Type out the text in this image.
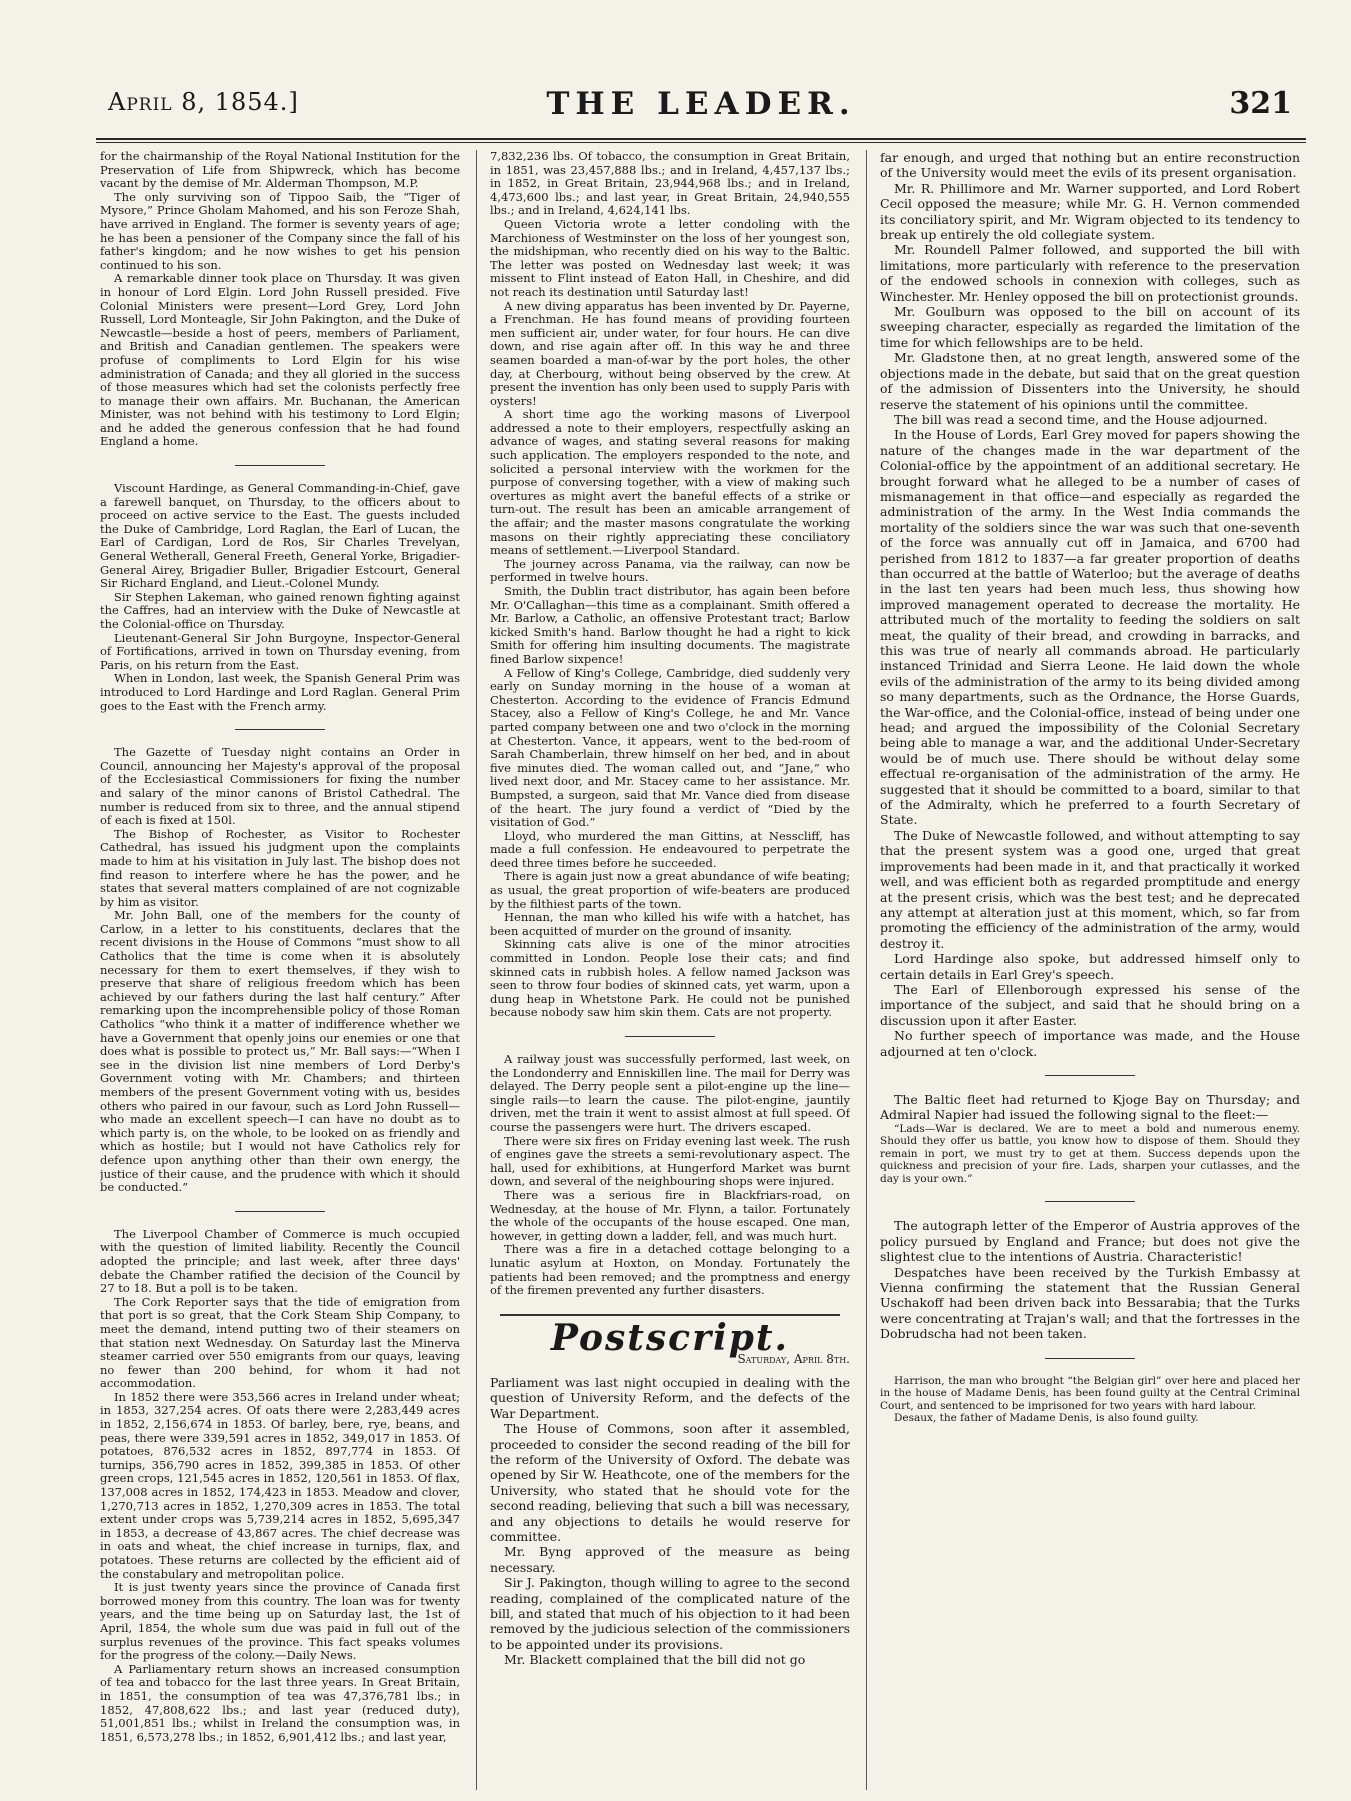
April 8, 1854.]	THE LEADER.	321

for the chairmanship of the Royal National Institution for the Preservation of Life from Shipwreck, which has become vacant by the demise of Mr. Alderman Thompson, M.P.

The only surviving son of Tippoo Saib, the “Tiger of Mysore,” Prince Gholam Mahomed, and his son Feroze Shah, have arrived in England. The former is seventy years of age; he has been a pensioner of the Company since the fall of his father's kingdom; and he now wishes to get his pension continued to his son.

A remarkable dinner took place on Thursday. It was given in honour of Lord Elgin. Lord John Russell presided. Five Colonial Ministers were present—Lord Grey, Lord John Russell, Lord Monteagle, Sir John Pakington, and the Duke of Newcastle—beside a host of peers, members of Parliament, and British and Canadian gentlemen. The speakers were profuse of compliments to Lord Elgin for his wise administration of Canada; and they all gloried in the success of those measures which had set the colonists perfectly free to manage their own affairs. Mr. Buchanan, the American Minister, was not behind with his testimony to Lord Elgin; and he added the generous confession that he had found England a home.

Viscount Hardinge, as General Commanding-in-Chief, gave a farewell banquet, on Thursday, to the officers about to proceed on active service to the East. The guests included the Duke of Cambridge, Lord Raglan, the Earl of Lucan, the Earl of Cardigan, Lord de Ros, Sir Charles Trevelyan, General Wetherall, General Freeth, General Yorke, Brigadier-General Airey, Brigadier Buller, Brigadier Estcourt, General Sir Richard England, and Lieut.-Colonel Mundy.

Sir Stephen Lakeman, who gained renown fighting against the Caffres, had an interview with the Duke of Newcastle at the Colonial-office on Thursday.

Lieutenant-General Sir John Burgoyne, Inspector-General of Fortifications, arrived in town on Thursday evening, from Paris, on his return from the East.

When in London, last week, the Spanish General Prim was introduced to Lord Hardinge and Lord Raglan. General Prim goes to the East with the French army.

The Gazette of Tuesday night contains an Order in Council, announcing her Majesty's approval of the proposal of the Ecclesiastical Commissioners for fixing the number and salary of the minor canons of Bristol Cathedral. The number is reduced from six to three, and the annual stipend of each is fixed at 150l.

The Bishop of Rochester, as Visitor to Rochester Cathedral, has issued his judgment upon the complaints made to him at his visitation in July last. The bishop does not find reason to interfere where he has the power, and he states that several matters complained of are not cognizable by him as visitor.

Mr. John Ball, one of the members for the county of Carlow, in a letter to his constituents, declares that the recent divisions in the House of Commons “must show to all Catholics that the time is come when it is absolutely necessary for them to exert themselves, if they wish to preserve that share of religious freedom which has been achieved by our fathers during the last half century.” After remarking upon the incomprehensible policy of those Roman Catholics “who think it a matter of indifference whether we have a Government that openly joins our enemies or one that does what is possible to protect us,” Mr. Ball says:—“When I see in the division list nine members of Lord Derby's Government voting with Mr. Chambers; and thirteen members of the present Government voting with us, besides others who paired in our favour, such as Lord John Russell—who made an excellent speech—I can have no doubt as to which party is, on the whole, to be looked on as friendly and which as hostile; but I would not have Catholics rely for defence upon anything other than their own energy, the justice of their cause, and the prudence with which it should be conducted.”

The Liverpool Chamber of Commerce is much occupied with the question of limited liability. Recently the Council adopted the principle; and last week, after three days' debate the Chamber ratified the decision of the Council by 27 to 18. But a poll is to be taken.

The Cork Reporter says that the tide of emigration from that port is so great, that the Cork Steam Ship Company, to meet the demand, intend putting two of their steamers on that station next Wednesday. On Saturday last the Minerva steamer carried over 550 emigrants from our quays, leaving no fewer than 200 behind, for whom it had not accommodation.

In 1852 there were 353,566 acres in Ireland under wheat; in 1853, 327,254 acres. Of oats there were 2,283,449 acres in 1852, 2,156,674 in 1853. Of barley, bere, rye, beans, and peas, there were 339,591 acres in 1852, 349,017 in 1853. Of potatoes, 876,532 acres in 1852, 897,774 in 1853. Of turnips, 356,790 acres in 1852, 399,385 in 1853. Of other green crops, 121,545 acres in 1852, 120,561 in 1853. Of flax, 137,008 acres in 1852, 174,423 in 1853. Meadow and clover, 1,270,713 acres in 1852, 1,270,309 acres in 1853. The total extent under crops was 5,739,214 acres in 1852, 5,695,347 in 1853, a decrease of 43,867 acres. The chief decrease was in oats and wheat, the chief increase in turnips, flax, and potatoes. These returns are collected by the efficient aid of the constabulary and metropolitan police.

It is just twenty years since the province of Canada first borrowed money from this country. The loan was for twenty years, and the time being up on Saturday last, the 1st of April, 1854, the whole sum due was paid in full out of the surplus revenues of the province. This fact speaks volumes for the progress of the colony.—Daily News.

A Parliamentary return shows an increased consumption of tea and tobacco for the last three years. In Great Britain, in 1851, the consumption of tea was 47,376,781 lbs.; in 1852, 47,808,622 lbs.; and last year (reduced duty), 51,001,851 lbs.; whilst in Ireland the consumption was, in 1851, 6,573,278 lbs.; in 1852, 6,901,412 lbs.; and last year,

7,832,236 lbs. Of tobacco, the consumption in Great Britain, in 1851, was 23,457,888 lbs.; and in Ireland, 4,457,137 lbs.; in 1852, in Great Britain, 23,944,968 lbs.; and in Ireland, 4,473,600 lbs.; and last year, in Great Britain, 24,940,555 lbs.; and in Ireland, 4,624,141 lbs.

Queen Victoria wrote a letter condoling with the Marchioness of Westminster on the loss of her youngest son, the midshipman, who recently died on his way to the Baltic. The letter was posted on Wednesday last week; it was missent to Flint instead of Eaton Hall, in Cheshire, and did not reach its destination until Saturday last!

A new diving apparatus has been invented by Dr. Payerne, a Frenchman. He has found means of providing fourteen men sufficient air, under water, for four hours. He can dive down, and rise again after off. In this way he and three seamen boarded a man-of-war by the port holes, the other day, at Cherbourg, without being observed by the crew. At present the invention has only been used to supply Paris with oysters!

A short time ago the working masons of Liverpool addressed a note to their employers, respectfully asking an advance of wages, and stating several reasons for making such application. The employers responded to the note, and solicited a personal interview with the workmen for the purpose of conversing together, with a view of making such overtures as might avert the baneful effects of a strike or turn-out. The result has been an amicable arrangement of the affair; and the master masons congratulate the working masons on their rightly appreciating these conciliatory means of settlement.—Liverpool Standard.

The journey across Panama, via the railway, can now be performed in twelve hours.

Smith, the Dublin tract distributor, has again been before Mr. O'Callaghan—this time as a complainant. Smith offered a Mr. Barlow, a Catholic, an offensive Protestant tract; Barlow kicked Smith's hand. Barlow thought he had a right to kick Smith for offering him insulting documents. The magistrate fined Barlow sixpence!

A Fellow of King's College, Cambridge, died suddenly very early on Sunday morning in the house of a woman at Chesterton. According to the evidence of Francis Edmund Stacey, also a Fellow of King's College, he and Mr. Vance parted company between one and two o'clock in the morning at Chesterton. Vance, it appears, went to the bed-room of Sarah Chamberlain, threw himself on her bed, and in about five minutes died. The woman called out, and “Jane,” who lived next door, and Mr. Stacey came to her assistance. Mr. Bumpsted, a surgeon, said that Mr. Vance died from disease of the heart. The jury found a verdict of “Died by the visitation of God.”

Lloyd, who murdered the man Gittins, at Nesscliff, has made a full confession. He endeavoured to perpetrate the deed three times before he succeeded.

There is again just now a great abundance of wife beating; as usual, the great proportion of wife-beaters are produced by the filthiest parts of the town.

Hennan, the man who killed his wife with a hatchet, has been acquitted of murder on the ground of insanity.

Skinning cats alive is one of the minor atrocities committed in London. People lose their cats; and find skinned cats in rubbish holes. A fellow named Jackson was seen to throw four bodies of skinned cats, yet warm, upon a dung heap in Whetstone Park. He could not be punished because nobody saw him skin them. Cats are not property.

A railway joust was successfully performed, last week, on the Londonderry and Enniskillen line. The mail for Derry was delayed. The Derry people sent a pilot-engine up the line—single rails—to learn the cause. The pilot-engine, jauntily driven, met the train it went to assist almost at full speed. Of course the passengers were hurt. The drivers escaped.

There were six fires on Friday evening last week. The rush of engines gave the streets a semi-revolutionary aspect. The hall, used for exhibitions, at Hungerford Market was burnt down, and several of the neighbouring shops were injured.

There was a serious fire in Blackfriars-road, on Wednesday, at the house of Mr. Flynn, a tailor. Fortunately the whole of the occupants of the house escaped. One man, however, in getting down a ladder, fell, and was much hurt.

There was a fire in a detached cottage belonging to a lunatic asylum at Hoxton, on Monday. Fortunately the patients had been removed; and the promptness and energy of the firemen prevented any further disasters.

Postscript.
Saturday, April 8th.

Parliament was last night occupied in dealing with the question of University Reform, and the defects of the War Department.

The House of Commons, soon after it assembled, proceeded to consider the second reading of the bill for the reform of the University of Oxford. The debate was opened by Sir W. Heathcote, one of the members for the University, who stated that he should vote for the second reading, believing that such a bill was necessary, and any objections to details he would reserve for committee.

Mr. Byng approved of the measure as being necessary.

Sir J. Pakington, though willing to agree to the second reading, complained of the complicated nature of the bill, and stated that much of his objection to it had been removed by the judicious selection of the commissioners to be appointed under its provisions.

Mr. Blackett complained that the bill did not go

far enough, and urged that nothing but an entire reconstruction of the University would meet the evils of its present organisation.

Mr. R. Phillimore and Mr. Warner supported, and Lord Robert Cecil opposed the measure; while Mr. G. H. Vernon commended its conciliatory spirit, and Mr. Wigram objected to its tendency to break up entirely the old collegiate system.

Mr. Roundell Palmer followed, and supported the bill with limitations, more particularly with reference to the preservation of the endowed schools in connexion with colleges, such as Winchester. Mr. Henley opposed the bill on protectionist grounds.

Mr. Goulburn was opposed to the bill on account of its sweeping character, especially as regarded the limitation of the time for which fellowships are to be held.

Mr. Gladstone then, at no great length, answered some of the objections made in the debate, but said that on the great question of the admission of Dissenters into the University, he should reserve the statement of his opinions until the committee.

The bill was read a second time, and the House adjourned.

In the House of Lords, Earl Grey moved for papers showing the nature of the changes made in the war department of the Colonial-office by the appointment of an additional secretary. He brought forward what he alleged to be a number of cases of mismanagement in that office—and especially as regarded the administration of the army. In the West India commands the mortality of the soldiers since the war was such that one-seventh of the force was annually cut off in Jamaica, and 6700 had perished from 1812 to 1837—a far greater proportion of deaths than occurred at the battle of Waterloo; but the average of deaths in the last ten years had been much less, thus showing how improved management operated to decrease the mortality. He attributed much of the mortality to feeding the soldiers on salt meat, the quality of their bread, and crowding in barracks, and this was true of nearly all commands abroad. He particularly instanced Trinidad and Sierra Leone. He laid down the whole evils of the administration of the army to its being divided among so many departments, such as the Ordnance, the Horse Guards, the War-office, and the Colonial-office, instead of being under one head; and argued the impossibility of the Colonial Secretary being able to manage a war, and the additional Under-Secretary would be of much use. There should be without delay some effectual re-organisation of the administration of the army. He suggested that it should be committed to a board, similar to that of the Admiralty, which he preferred to a fourth Secretary of State.

The Duke of Newcastle followed, and without attempting to say that the present system was a good one, urged that great improvements had been made in it, and that practically it worked well, and was efficient both as regarded promptitude and energy at the present crisis, which was the best test; and he deprecated any attempt at alteration just at this moment, which, so far from promoting the efficiency of the administration of the army, would destroy it.

Lord Hardinge also spoke, but addressed himself only to certain details in Earl Grey's speech.

The Earl of Ellenborough expressed his sense of the importance of the subject, and said that he should bring on a discussion upon it after Easter.

No further speech of importance was made, and the House adjourned at ten o'clock.

The Baltic fleet had returned to Kjoge Bay on Thursday; and Admiral Napier had issued the following signal to the fleet:—

“Lads—War is declared. We are to meet a bold and numerous enemy. Should they offer us battle, you know how to dispose of them. Should they remain in port, we must try to get at them. Success depends upon the quickness and precision of your fire. Lads, sharpen your cutlasses, and the day is your own.”

The autograph letter of the Emperor of Austria approves of the policy pursued by England and France; but does not give the slightest clue to the intentions of Austria. Characteristic!

Despatches have been received by the Turkish Embassy at Vienna confirming the statement that the Russian General Uschakoff had been driven back into Bessarabia; that the Turks were concentrating at Trajan's wall; and that the fortresses in the Dobrudscha had not been taken.

Harrison, the man who brought “the Belgian girl” over here and placed her in the house of Madame Denis, has been found guilty at the Central Criminal Court, and sentenced to be imprisoned for two years with hard labour.

Desaux, the father of Madame Denis, is also found guilty.
